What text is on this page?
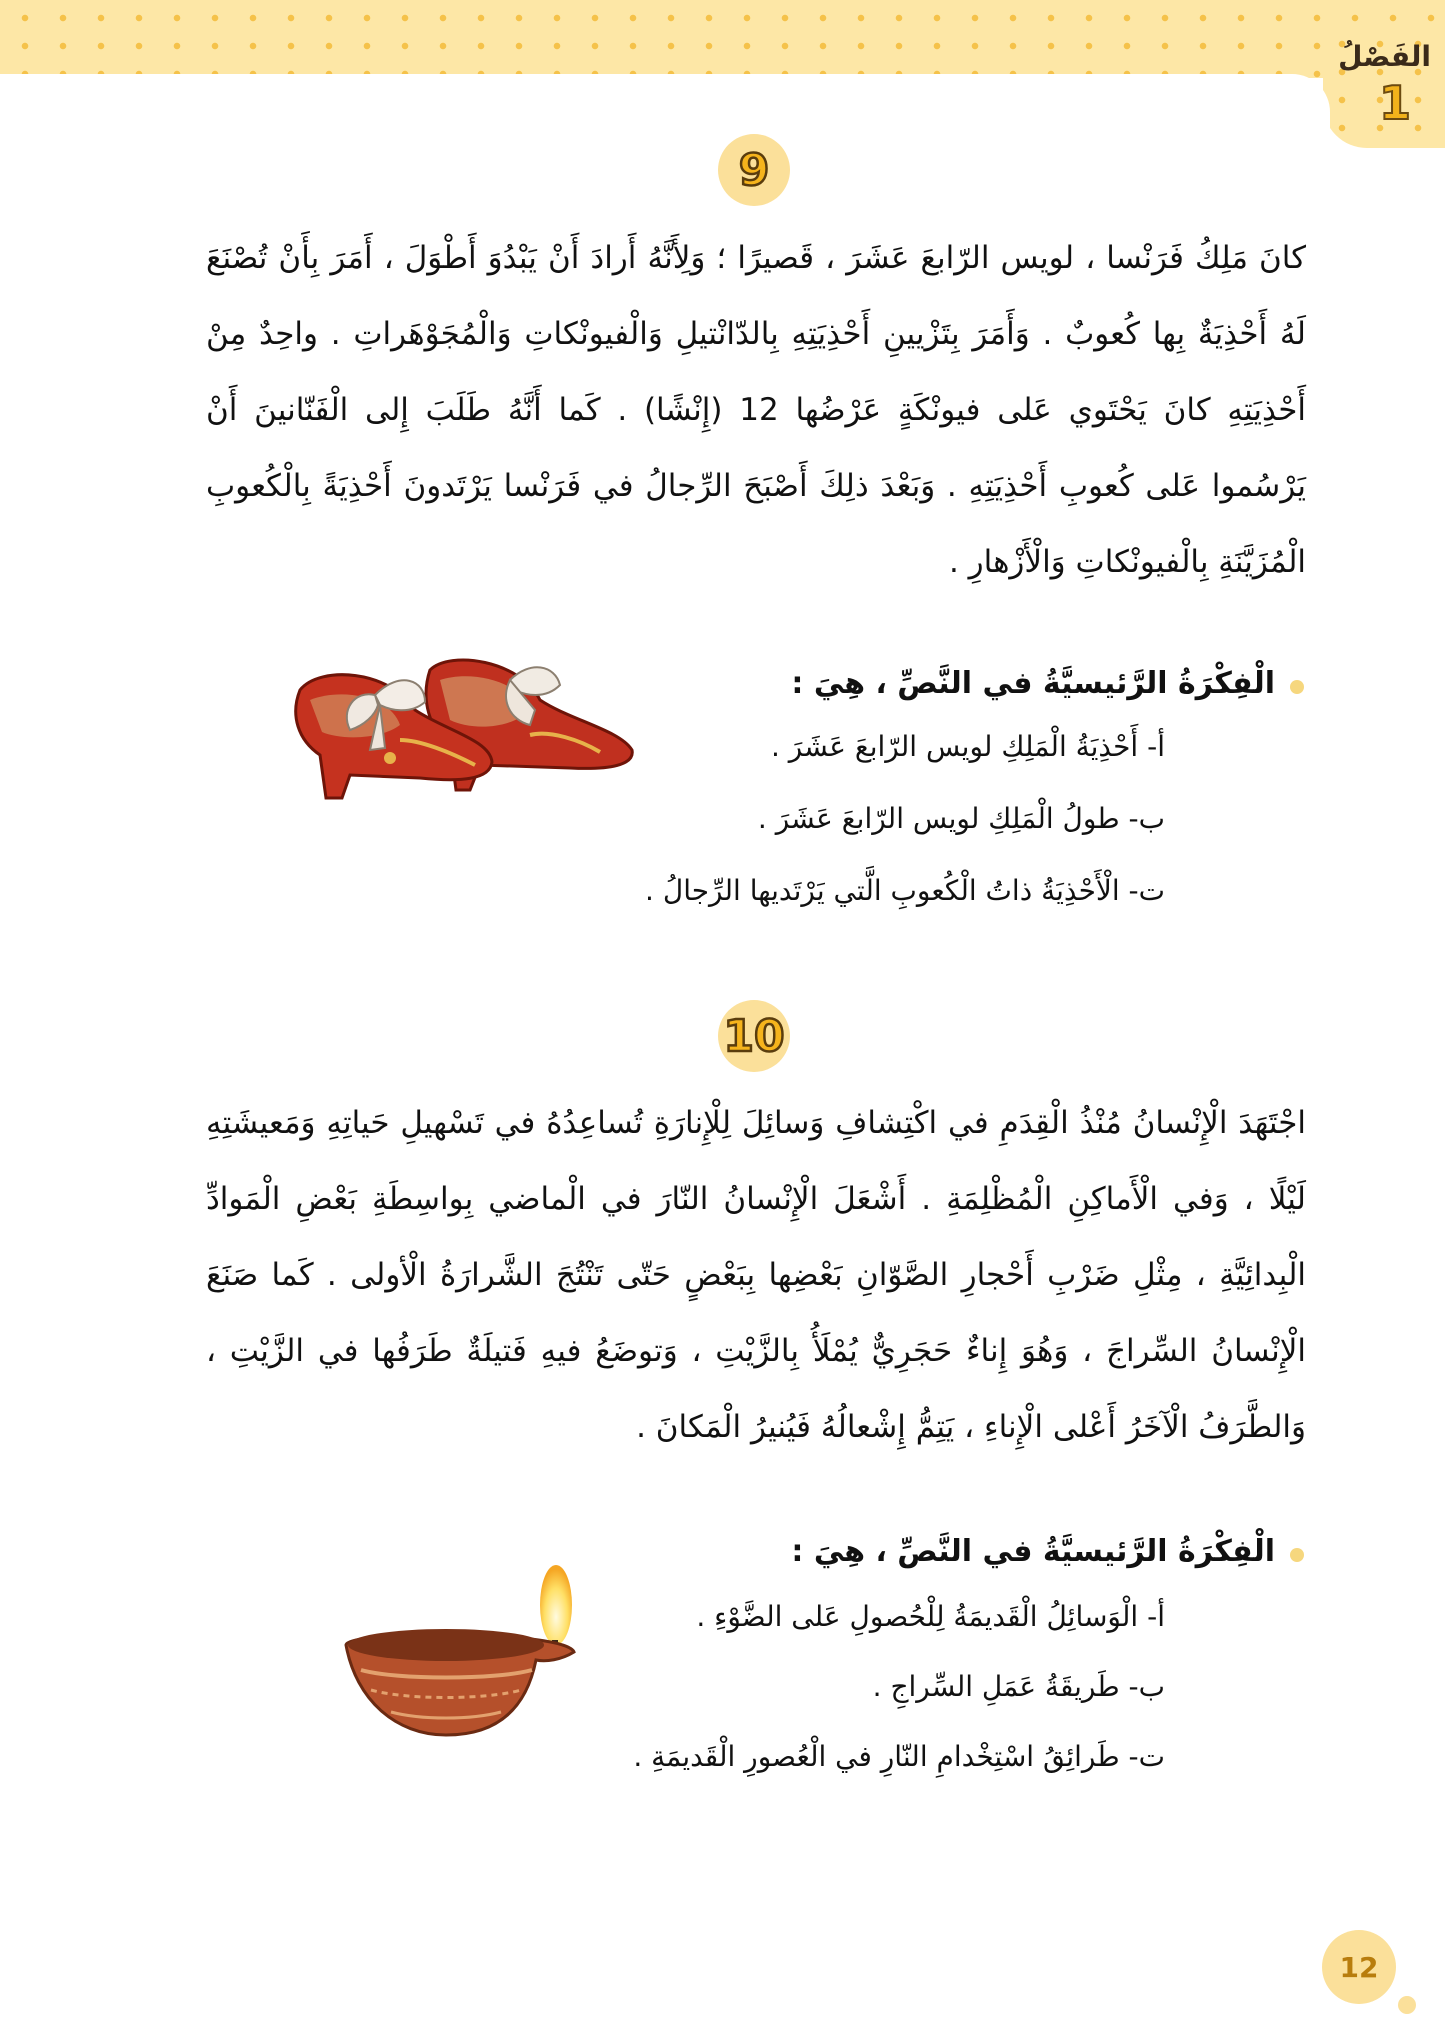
الفَصْلُ
1
9
كانَ مَلِكُ فَرَنْسا ، لويس الرّابعَ عَشَرَ ، قَصيرًا ؛ وَلِأَنَّهُ أَرادَ أَنْ يَبْدُوَ أَطْوَلَ ، أَمَرَ بِأَنْ تُصْنَعَ لَهُ أَحْذِيَةٌ بِها كُعوبٌ . وَأَمَرَ بِتَزْيينِ أَحْذِيَتِهِ بِالدّانْتيلِ وَالْفيونْكاتِ وَالْمُجَوْهَراتِ . واحِدٌ مِنْ أَحْذِيَتِهِ كانَ يَحْتَوي عَلى فيونْكَةٍ عَرْضُها 12 (إِنْشًا) . كَما أَنَّهُ طَلَبَ إِلى الْفَنّانينَ أَنْ يَرْسُموا عَلى كُعوبِ أَحْذِيَتِهِ . وَبَعْدَ ذلِكَ أَصْبَحَ الرِّجالُ في فَرَنْسا يَرْتَدونَ أَحْذِيَةً بِالْكُعوبِ الْمُزَيَّنَةِ بِالْفيونْكاتِ وَالْأَزْهارِ .
الْفِكْرَةُ الرَّئيسيَّةُ في النَّصِّ ، هِيَ :
أ- أَحْذِيَةُ الْمَلِكِ لويس الرّابعَ عَشَرَ .
ب- طولُ الْمَلِكِ لويس الرّابعَ عَشَرَ .
ت- الْأَحْذِيَةُ ذاتُ الْكُعوبِ الَّتي يَرْتَديها الرِّجالُ .
10
اجْتَهَدَ الْإِنْسانُ مُنْذُ الْقِدَمِ في اكْتِشافِ وَسائِلَ لِلْإِنارَةِ تُساعِدُهُ في تَسْهيلِ حَياتِهِ وَمَعيشَتِهِ لَيْلًا ، وَفي الْأَماكِنِ الْمُظْلِمَةِ . أَشْعَلَ الْإِنْسانُ النّارَ في الْماضي بِواسِطَةِ بَعْضِ الْمَوادِّ الْبِدائِيَّةِ ، مِثْلِ ضَرْبِ أَحْجارِ الصَّوّانِ بَعْضِها بِبَعْضٍ حَتّى تَنْتُجَ الشَّرارَةُ الْأولى . كَما صَنَعَ الْإِنْسانُ السِّراجَ ، وَهُوَ إِناءٌ حَجَرِيٌّ يُمْلَأُ بِالزَّيْتِ ، وَتوضَعُ فيهِ فَتيلَةٌ طَرَفُها في الزَّيْتِ ، وَالطَّرَفُ الْآخَرُ أَعْلى الْإِناءِ ، يَتِمُّ إِشْعالُهُ فَيُنيرُ الْمَكانَ .
الْفِكْرَةُ الرَّئيسيَّةُ في النَّصِّ ، هِيَ :
أ- الْوَسائِلُ الْقَديمَةُ لِلْحُصولِ عَلى الضَّوْءِ .
ب- طَريقَةُ عَمَلِ السِّراجِ .
ت- طَرائِقُ اسْتِخْدامِ النّارِ في الْعُصورِ الْقَديمَةِ .
12
